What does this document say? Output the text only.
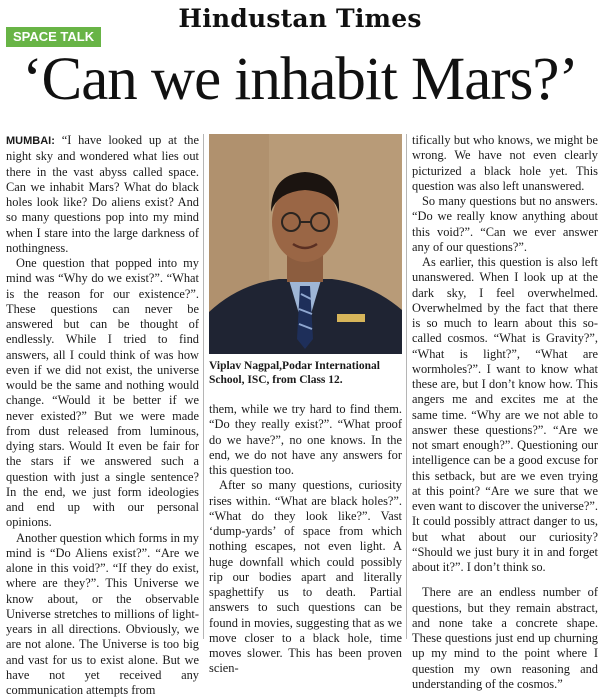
Hindustan Times
SPACE TALK
‘Can we inhabit Mars?’

MUMBAI: “I have looked up at the night sky and wondered what lies out there in the vast abyss called space. Can we inhabit Mars? What do black holes look like? Do aliens exist? And so many questions pop into my mind when I stare into the large darkness of nothingness.

One question that popped into my mind was “Why do we exist?”. “What is the reason for our existence?”. These questions can never be answered but can be thought of endlessly. While I tried to find answers, all I could think of was how even if we did not exist, the universe would be the same and nothing would change. “Would it be better if we never existed?” But we were made from dust released from luminous, dying stars. Would It even be fair for the stars if we answered such a question with just a single sentence? In the end, we just form ideologies and end up with our personal opinions.

Another question which forms in my mind is “Do Aliens exist?”. “Are we alone in this void?”. “If they do exist, where are they?”. This Universe we know about, or the observable Universe stretches to millions of light-years in all directions. Obviously, we are not alone. The Universe is too big and vast for us to exist alone. But we have not yet received any communication attempts from

Viplav Nagpal,Podar International School, ISC, from Class 12.

them, while we try hard to find them. “Do they really exist?”. “What proof do we have?”, no one knows. In the end, we do not have any answers for this question too.

After so many questions, curiosity rises within. “What are black holes?”. “What do they look like?”. Vast ‘dump-yards’ of space from which nothing escapes, not even light. A huge downfall which could possibly rip our bodies apart and literally spaghettify us to death. Partial answers to such questions can be found in movies, suggesting that as we move closer to a black hole, time moves slower. This has been proven scien-

tifically but who knows, we might be wrong. We have not even clearly picturized a black hole yet. This question was also left unanswered.

So many questions but no answers. “Do we really know anything about this void?”. “Can we ever answer any of our questions?”.

As earlier, this question is also left unanswered. When I look up at the dark sky, I feel overwhelmed. Overwhelmed by the fact that there is so much to learn about this so-called cosmos. “What is Gravity?”, “What is light?”, “What are wormholes?”. I want to know what these are, but I don’t know how. This angers me and excites me at the same time. “Why are we not able to answer these questions?”. “Are we not smart enough?”. Questioning our intelligence can be a good excuse for this setback, but are we even trying at this point? “Are we sure that we even want to discover the universe?”. It could possibly attract danger to us, but what about our curiosity? “Should we just bury it in and forget about it?”. I don’t think so.

There are an endless number of questions, but they remain abstract, and none take a concrete shape. These questions just end up churning up my mind to the point where I question my own reasoning and understanding of the cosmos.”
